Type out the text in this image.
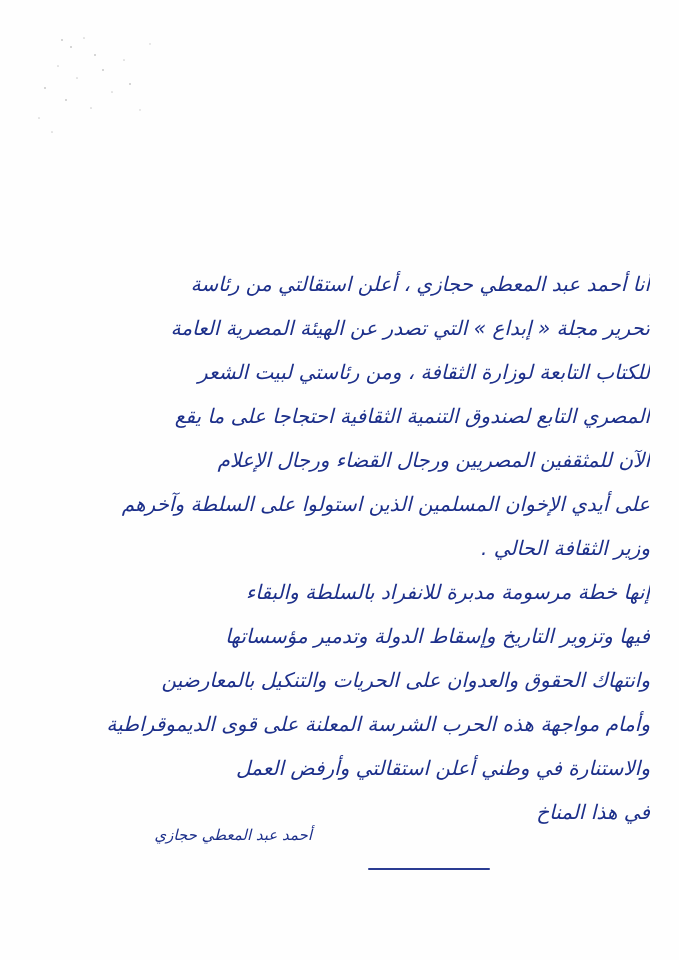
أنا أحمد عبد المعطي حجازي ، أعلن استقالتي من رئاسة
تحرير مجلة « إبداع » التي تصدر عن الهيئة المصرية العامة
للكتاب التابعة لوزارة الثقافة ، ومن رئاستي لبيت الشعر
المصري التابع لصندوق التنمية الثقافية احتجاجا على ما يقع
الآن للمثقفين المصريين ورجال القضاء ورجال الإعلام
على أيدي الإخوان المسلمين الذين استولوا على السلطة وآخرهم
وزير الثقافة الحالي .
إنها خطة مرسومة مدبرة للانفراد بالسلطة والبقاء
فيها وتزوير التاريخ وإسقاط الدولة وتدمير مؤسساتها
وانتهاك الحقوق والعدوان على الحريات والتنكيل بالمعارضين
وأمام مواجهة هذه الحرب الشرسة المعلنة على قوى الديموقراطية
والاستنارة في وطني أعلن استقالتي وأرفض العمل
في هذا المناخ
أحمد عبد المعطي حجازي
